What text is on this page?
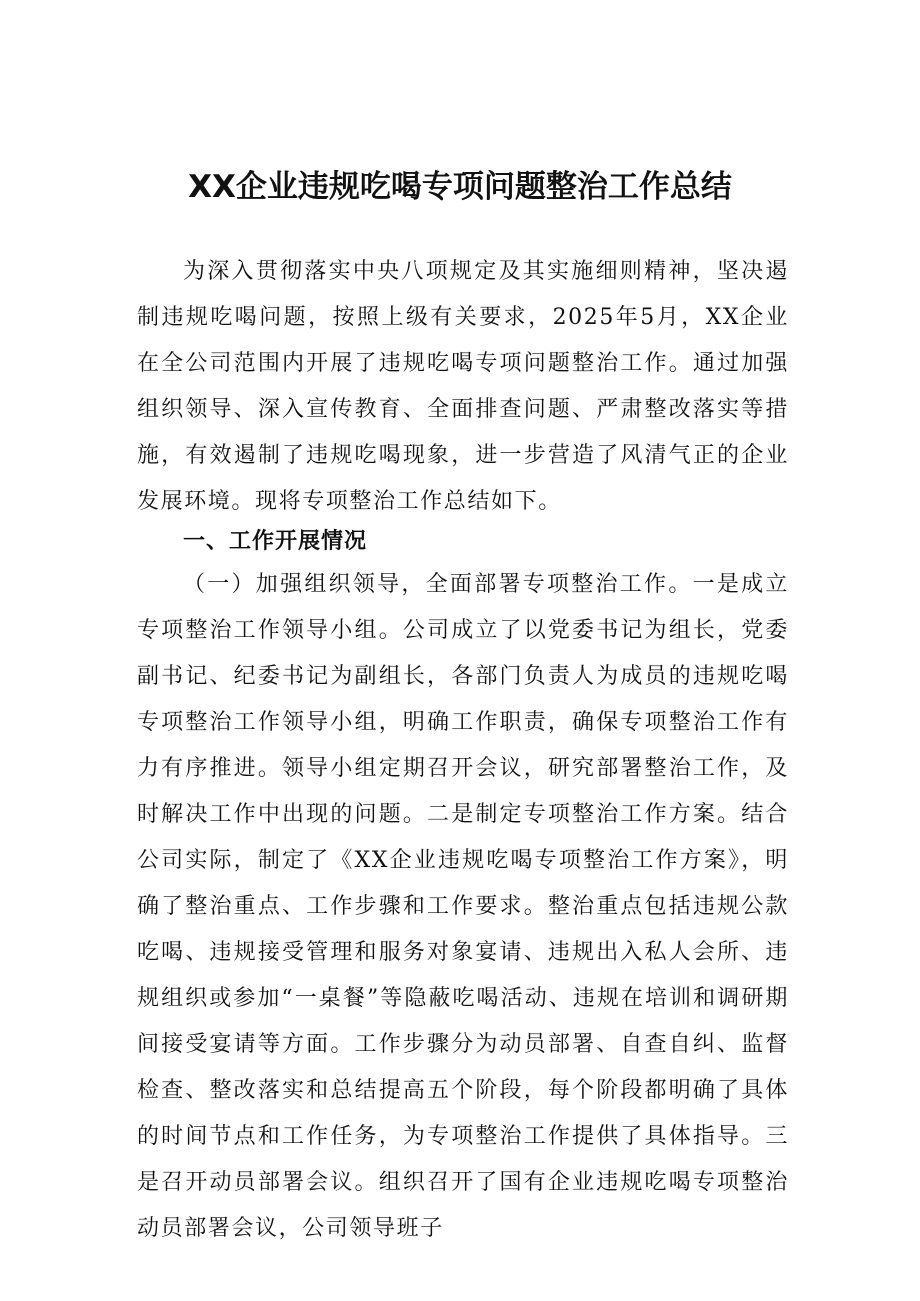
XX企业违规吃喝专项问题整治工作总结

为深入贯彻落实中央八项规定及其实施细则精神，坚决遏制违规吃喝问题，按照上级有关要求，2025年5月，XX企业在全公司范围内开展了违规吃喝专项问题整治工作。通过加强组织领导、深入宣传教育、全面排查问题、严肃整改落实等措施，有效遏制了违规吃喝现象，进一步营造了风清气正的企业发展环境。现将专项整治工作总结如下。

一、工作开展情况

（一）加强组织领导，全面部署专项整治工作。一是成立专项整治工作领导小组。公司成立了以党委书记为组长，党委副书记、纪委书记为副组长，各部门负责人为成员的违规吃喝专项整治工作领导小组，明确工作职责，确保专项整治工作有力有序推进。领导小组定期召开会议，研究部署整治工作，及时解决工作中出现的问题。二是制定专项整治工作方案。结合公司实际，制定了《XX企业违规吃喝专项整治工作方案》，明确了整治重点、工作步骤和工作要求。整治重点包括违规公款吃喝、违规接受管理和服务对象宴请、违规出入私人会所、违规组织或参加“一桌餐”等隐蔽吃喝活动、违规在培训和调研期间接受宴请等方面。工作步骤分为动员部署、自查自纠、监督检查、整改落实和总结提高五个阶段，每个阶段都明确了具体的时间节点和工作任务，为专项整治工作提供了具体指导。三是召开动员部署会议。组织召开了国有企业违规吃喝专项整治动员部署会议，公司领导班子
